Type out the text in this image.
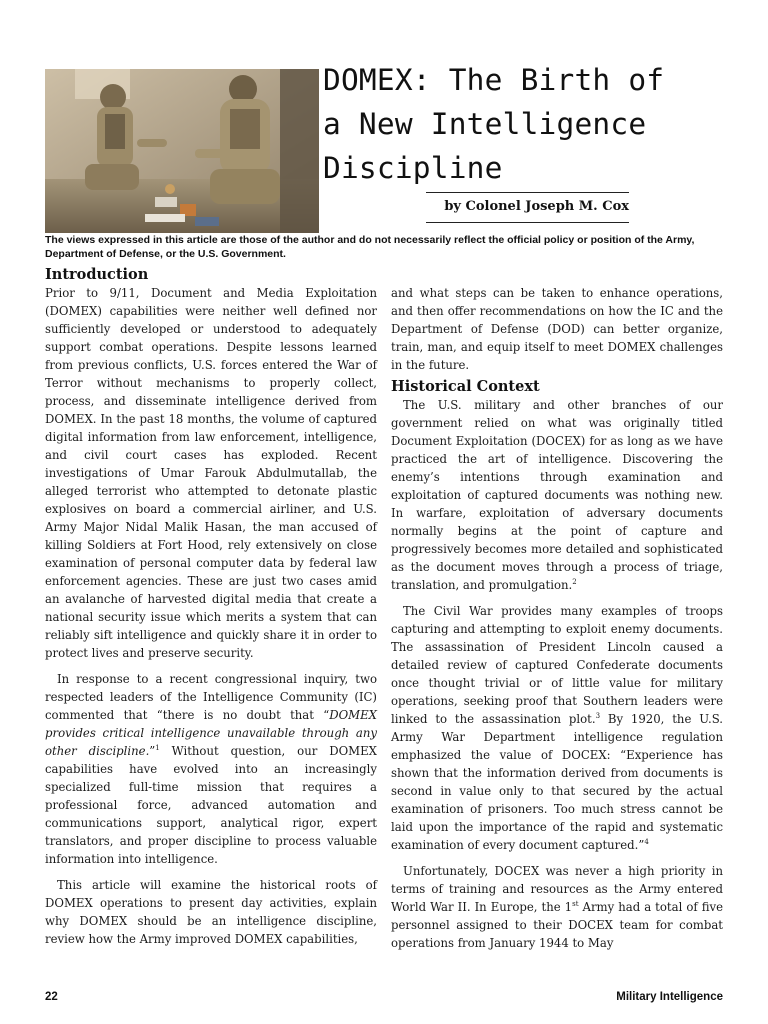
DOMEX: The Birth of
a New Intelligence
Discipline
by Colonel Joseph M. Cox

The views expressed in this article are those of the author and do not necessarily reflect the official policy or position of the Army, Department of Defense, or the U.S. Government.

Introduction

Prior to 9/11, Document and Media Exploitation (DOMEX) capabilities were neither well defined nor sufficiently developed or understood to adequately support combat operations. Despite lessons learned from previous conflicts, U.S. forces entered the War of Terror without mechanisms to properly collect, process, and disseminate intelligence derived from DOMEX. In the past 18 months, the volume of captured digital information from law enforcement, intelligence, and civil court cases has exploded. Recent investigations of Umar Farouk Abdulmutallab, the alleged terrorist who attempted to detonate plastic explosives on board a commercial airliner, and U.S. Army Major Nidal Malik Hasan, the man accused of killing Soldiers at Fort Hood, rely extensively on close examination of personal computer data by federal law enforcement agencies. These are just two cases amid an avalanche of harvested digital media that create a national security issue which merits a system that can reliably sift intelligence and quickly share it in order to protect lives and preserve security.

In response to a recent congressional inquiry, two respected leaders of the Intelligence Community (IC) commented that “there is no doubt that “DOMEX provides critical intelligence unavailable through any other discipline.”$^1$ Without question, our DOMEX capabilities have evolved into an increasingly specialized full-time mission that requires a professional force, advanced automation and communications support, analytical rigor, expert translators, and proper discipline to process valuable information into intelligence.

This article will examine the historical roots of DOMEX operations to present day activities, explain why DOMEX should be an intelligence discipline, review how the Army improved DOMEX capabilities,

and what steps can be taken to enhance operations, and then offer recommendations on how the IC and the Department of Defense (DOD) can better organize, train, man, and equip itself to meet DOMEX challenges in the future.

Historical Context

The U.S. military and other branches of our government relied on what was originally titled Document Exploitation (DOCEX) for as long as we have practiced the art of intelligence. Discovering the enemy’s intentions through examination and exploitation of captured documents was nothing new. In warfare, exploitation of adversary documents normally begins at the point of capture and progressively becomes more detailed and sophisticated as the document moves through a process of triage, translation, and promulgation.$^2$

The Civil War provides many examples of troops capturing and attempting to exploit enemy documents. The assassination of President Lincoln caused a detailed review of captured Confederate documents once thought trivial or of little value for military operations, seeking proof that Southern leaders were linked to the assassination plot.$^3$ By 1920, the U.S. Army War Department intelligence regulation emphasized the value of DOCEX: “Experience has shown that the information derived from documents is second in value only to that secured by the actual examination of prisoners. Too much stress cannot be laid upon the importance of the rapid and systematic examination of every document captured.”$^4$

Unfortunately, DOCEX was never a high priority in terms of training and resources as the Army entered World War II. In Europe, the 1st Army had a total of five personnel assigned to their DOCEX team for combat operations from January 1944 to May

22	Military Intelligence
